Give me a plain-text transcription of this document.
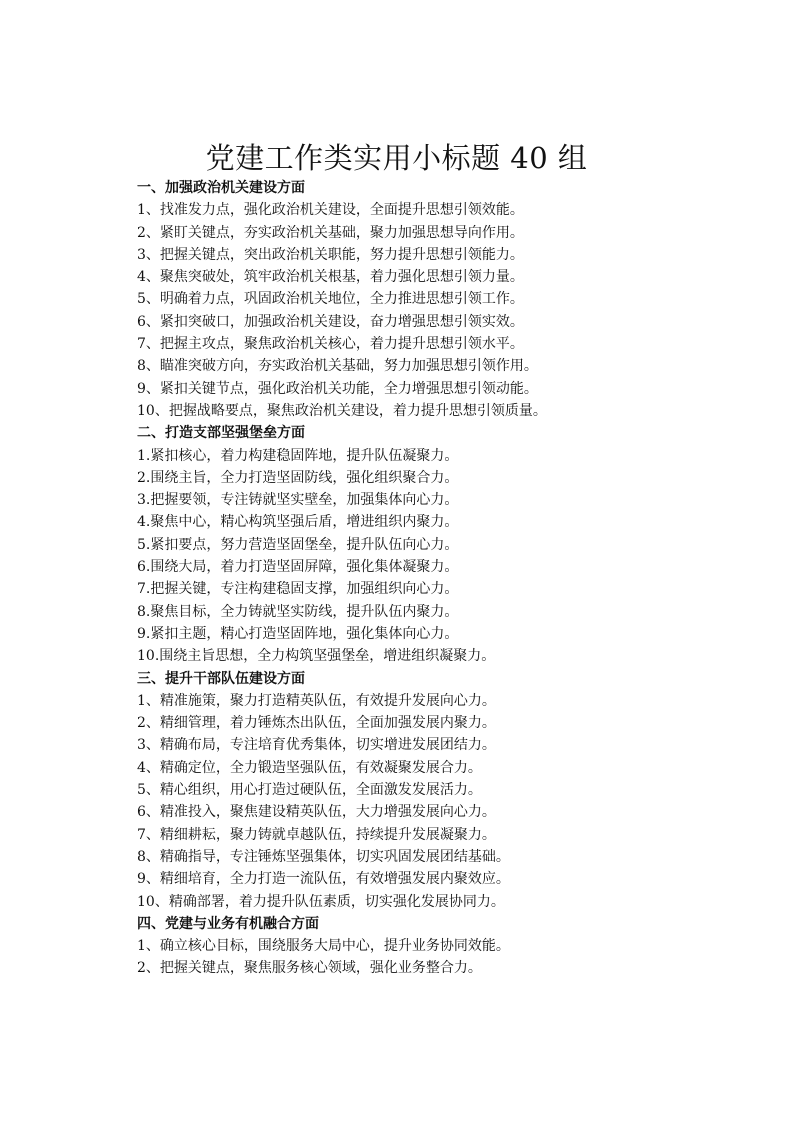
党建工作类实用小标题 40 组
一、加强政治机关建设方面
1、找准发力点，强化政治机关建设，全面提升思想引领效能。
2、紧盯关键点，夯实政治机关基础，聚力加强思想导向作用。
3、把握关键点，突出政治机关职能，努力提升思想引领能力。
4、聚焦突破处，筑牢政治机关根基，着力强化思想引领力量。
5、明确着力点，巩固政治机关地位，全力推进思想引领工作。
6、紧扣突破口，加强政治机关建设，奋力增强思想引领实效。
7、把握主攻点，聚焦政治机关核心，着力提升思想引领水平。
8、瞄准突破方向，夯实政治机关基础，努力加强思想引领作用。
9、紧扣关键节点，强化政治机关功能，全力增强思想引领动能。
10、把握战略要点，聚焦政治机关建设，着力提升思想引领质量。
二、打造支部坚强堡垒方面
1.紧扣核心，着力构建稳固阵地，提升队伍凝聚力。
2.围绕主旨，全力打造坚固防线，强化组织聚合力。
3.把握要领，专注铸就坚实壁垒，加强集体向心力。
4.聚焦中心，精心构筑坚强后盾，增进组织内聚力。
5.紧扣要点，努力营造坚固堡垒，提升队伍向心力。
6.围绕大局，着力打造坚固屏障，强化集体凝聚力。
7.把握关键，专注构建稳固支撑，加强组织向心力。
8.聚焦目标，全力铸就坚实防线，提升队伍内聚力。
9.紧扣主题，精心打造坚固阵地，强化集体向心力。
10.围绕主旨思想，全力构筑坚强堡垒，增进组织凝聚力。
三、提升干部队伍建设方面
1、精准施策，聚力打造精英队伍，有效提升发展向心力。
2、精细管理，着力锤炼杰出队伍，全面加强发展内聚力。
3、精确布局，专注培育优秀集体，切实增进发展团结力。
4、精确定位，全力锻造坚强队伍，有效凝聚发展合力。
5、精心组织，用心打造过硬队伍，全面激发发展活力。
6、精准投入，聚焦建设精英队伍，大力增强发展向心力。
7、精细耕耘，聚力铸就卓越队伍，持续提升发展凝聚力。
8、精确指导，专注锤炼坚强集体，切实巩固发展团结基础。
9、精细培育，全力打造一流队伍，有效增强发展内聚效应。
10、精确部署，着力提升队伍素质，切实强化发展协同力。
四、党建与业务有机融合方面
1、确立核心目标，围绕服务大局中心，提升业务协同效能。
2、把握关键点，聚焦服务核心领域，强化业务整合力。
